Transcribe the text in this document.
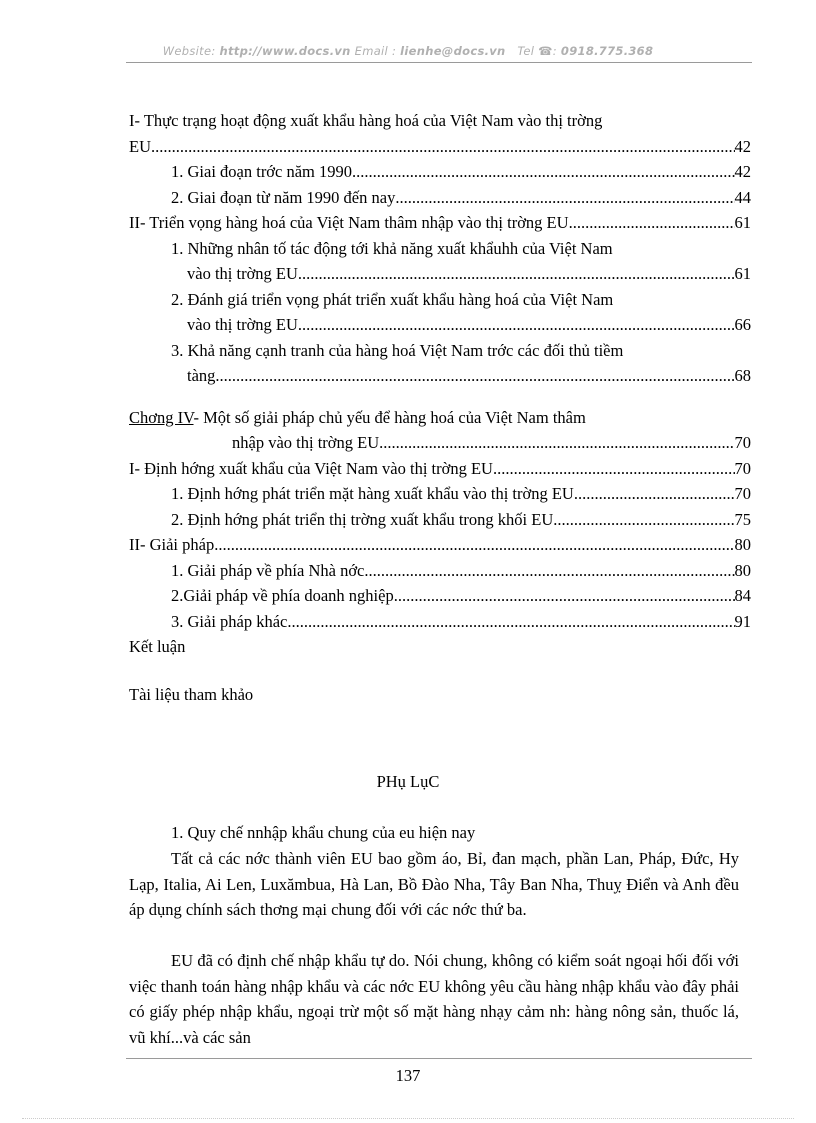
Website: http://www.docs.vn Email : lienhe@docs.vn Tel ☎: 0918.775.368
I- Thực trạng hoạt động xuất khẩu hàng hoá của Việt Nam vào thị trờng
EU .....	42
1. Giai đoạn trớc năm 1990 .....	42
2. Giai đoạn từ năm 1990 đến nay .....	44
II- Triển vọng hàng hoá của Việt Nam thâm nhập vào thị trờng EU .....	61
1. Những nhân tố tác động tới khả năng xuất khẩuhh của Việt Nam
vào thị trờng EU .....	61
2. Đánh giá triển vọng phát triển xuất khẩu hàng hoá của Việt Nam
vào thị trờng EU .....	66
3. Khả năng cạnh tranh của hàng hoá Việt Nam trớc các đối thủ tiềm
tàng .....	68
Chơng IV- Một số giải pháp chủ yếu để hàng hoá của Việt Nam thâm
nhập vào thị trờng EU .....	70
I- Định hớng xuất khẩu của Việt Nam vào thị trờng EU .....	70
1. Định hớng phát triển mặt hàng xuất khẩu vào thị trờng EU .....	70
2. Định hớng phát triển thị trờng xuất khẩu trong khối EU .....	75
II- Giải pháp .....	80
1. Giải pháp về phía Nhà nớc .....	80
2.Giải pháp về phía doanh nghiệp .....	84
3. Giải pháp khác .....	91
Kết luận
Tài liệu tham khảo
PHụ LụC
1. Quy chế nnhập khẩu chung của eu hiện nay
Tất cả các nớc thành viên EU bao gồm áo, Bỉ, đan mạch, phần Lan, Pháp, Đức, Hy Lạp, Italia, Ai Len, Luxămbua, Hà Lan, Bồ Đào Nha, Tây Ban Nha, Thuỵ Điển và Anh đều áp dụng chính sách thơng mại chung đối với các nớc thứ ba.
EU đã có định chế nhập khẩu tự do. Nói chung, không có kiểm soát ngoại hối đối với việc thanh toán hàng nhập khẩu và các nớc EU không yêu cầu hàng nhập khẩu vào đây phải có giấy phép nhập khẩu, ngoại trừ một số mặt hàng nhạy cảm nh: hàng nông sản, thuốc lá, vũ khí...và các sản
137
